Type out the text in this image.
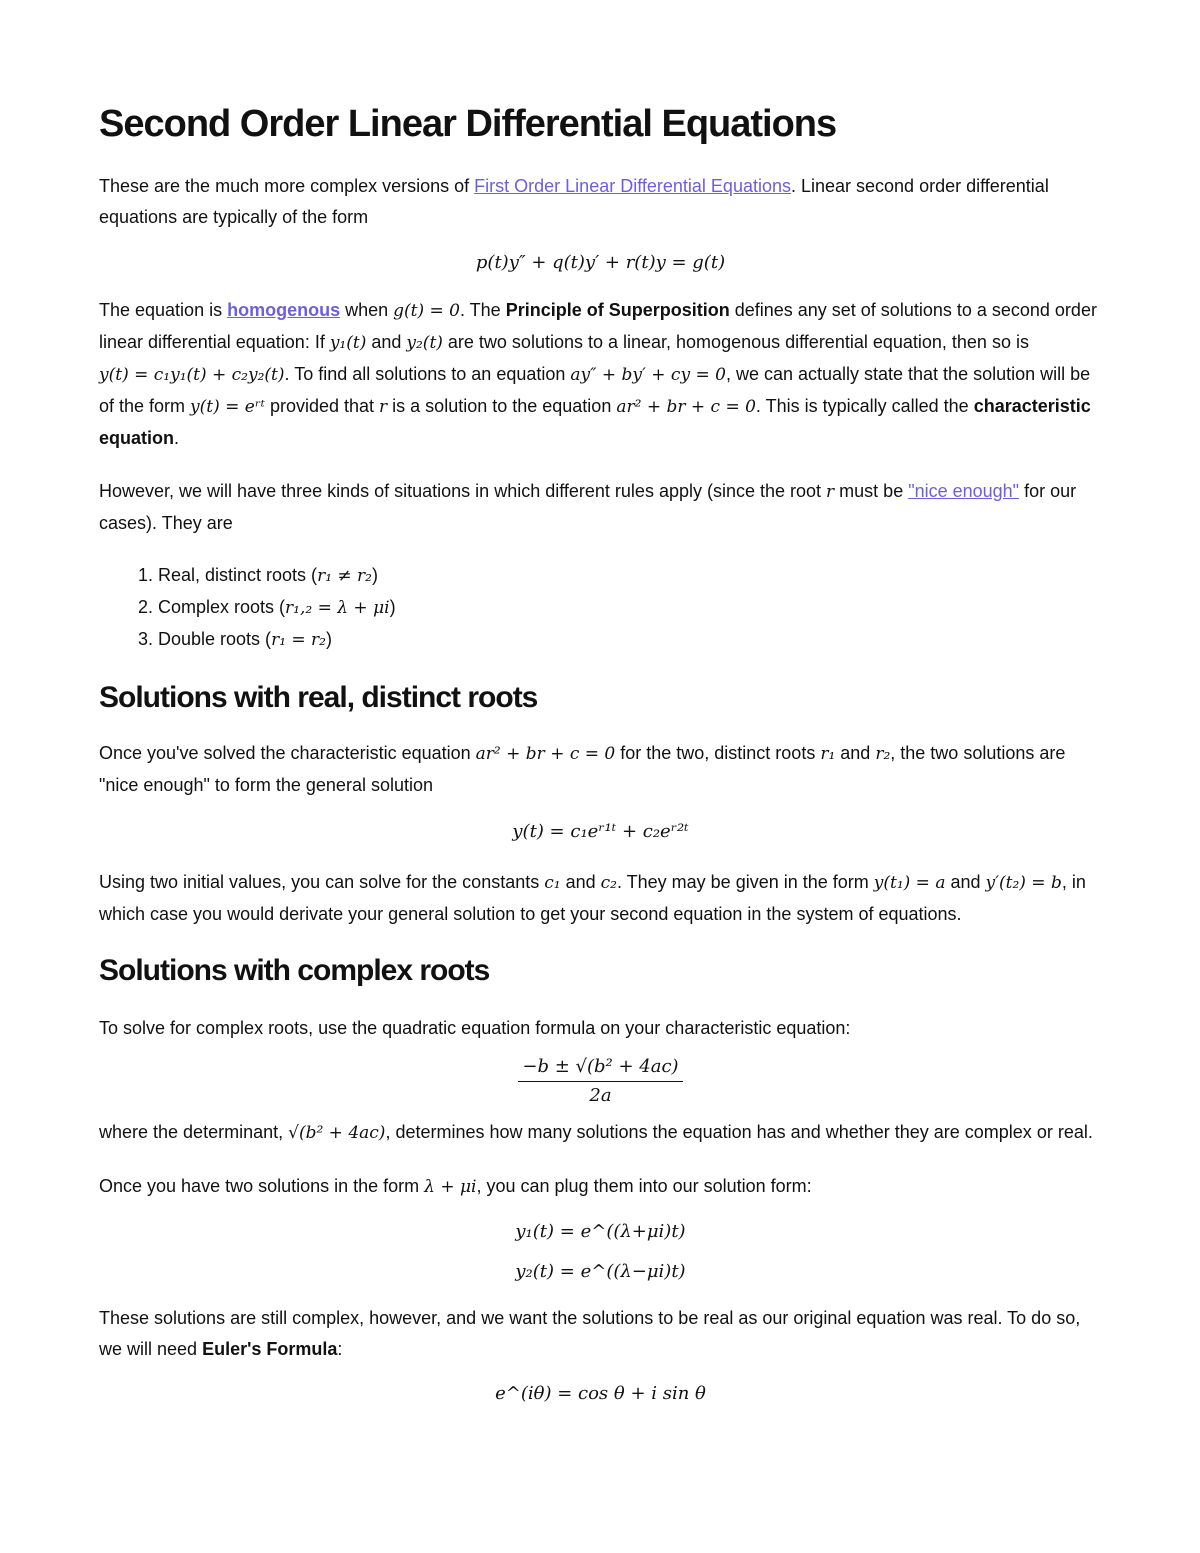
Second Order Linear Differential Equations

These are the much more complex versions of First Order Linear Differential Equations. Linear second order differential equations are typically of the form

p(t)y″ + q(t)y′ + r(t)y = g(t)

The equation is homogenous when g(t) = 0. The Principle of Superposition defines any set of solutions to a second order linear differential equation: If y₁(t) and y₂(t) are two solutions to a linear, homogenous differential equation, then so is y(t) = c₁y₁(t) + c₂y₂(t). To find all solutions to an equation ay″ + by′ + cy = 0, we can actually state that the solution will be of the form y(t) = eʳᵗ provided that r is a solution to the equation ar² + br + c = 0. This is typically called the characteristic equation.

However, we will have three kinds of situations in which different rules apply (since the root r must be "nice enough" for our cases). They are

1. Real, distinct roots (r₁ ≠ r₂)
2. Complex roots (r₁,₂ = λ + μi)
3. Double roots (r₁ = r₂)
Solutions with real, distinct roots

Once you've solved the characteristic equation ar² + br + c = 0 for the two, distinct roots r₁ and r₂, the two solutions are "nice enough" to form the general solution

y(t) = c₁eʳ¹ᵗ + c₂eʳ²ᵗ

Using two initial values, you can solve for the constants c₁ and c₂. They may be given in the form y(t₁) = a and y′(t₂) = b, in which case you would derivate your general solution to get your second equation in the system of equations.

Solutions with complex roots

To solve for complex roots, use the quadratic equation formula on your characteristic equation:

$\frac{\text{−b ± √(b² + 4ac)}}{2a}$

where the determinant, √(b² + 4ac), determines how many solutions the equation has and whether they are complex or real.

Once you have two solutions in the form λ + μi, you can plug them into our solution form:

y₁(t) = e^((λ+μi)t)
y₂(t) = e^((λ−μi)t)

These solutions are still complex, however, and we want the solutions to be real as our original equation was real. To do so, we will need Euler's Formula:

e^(iθ) = cos θ + i sin θ
